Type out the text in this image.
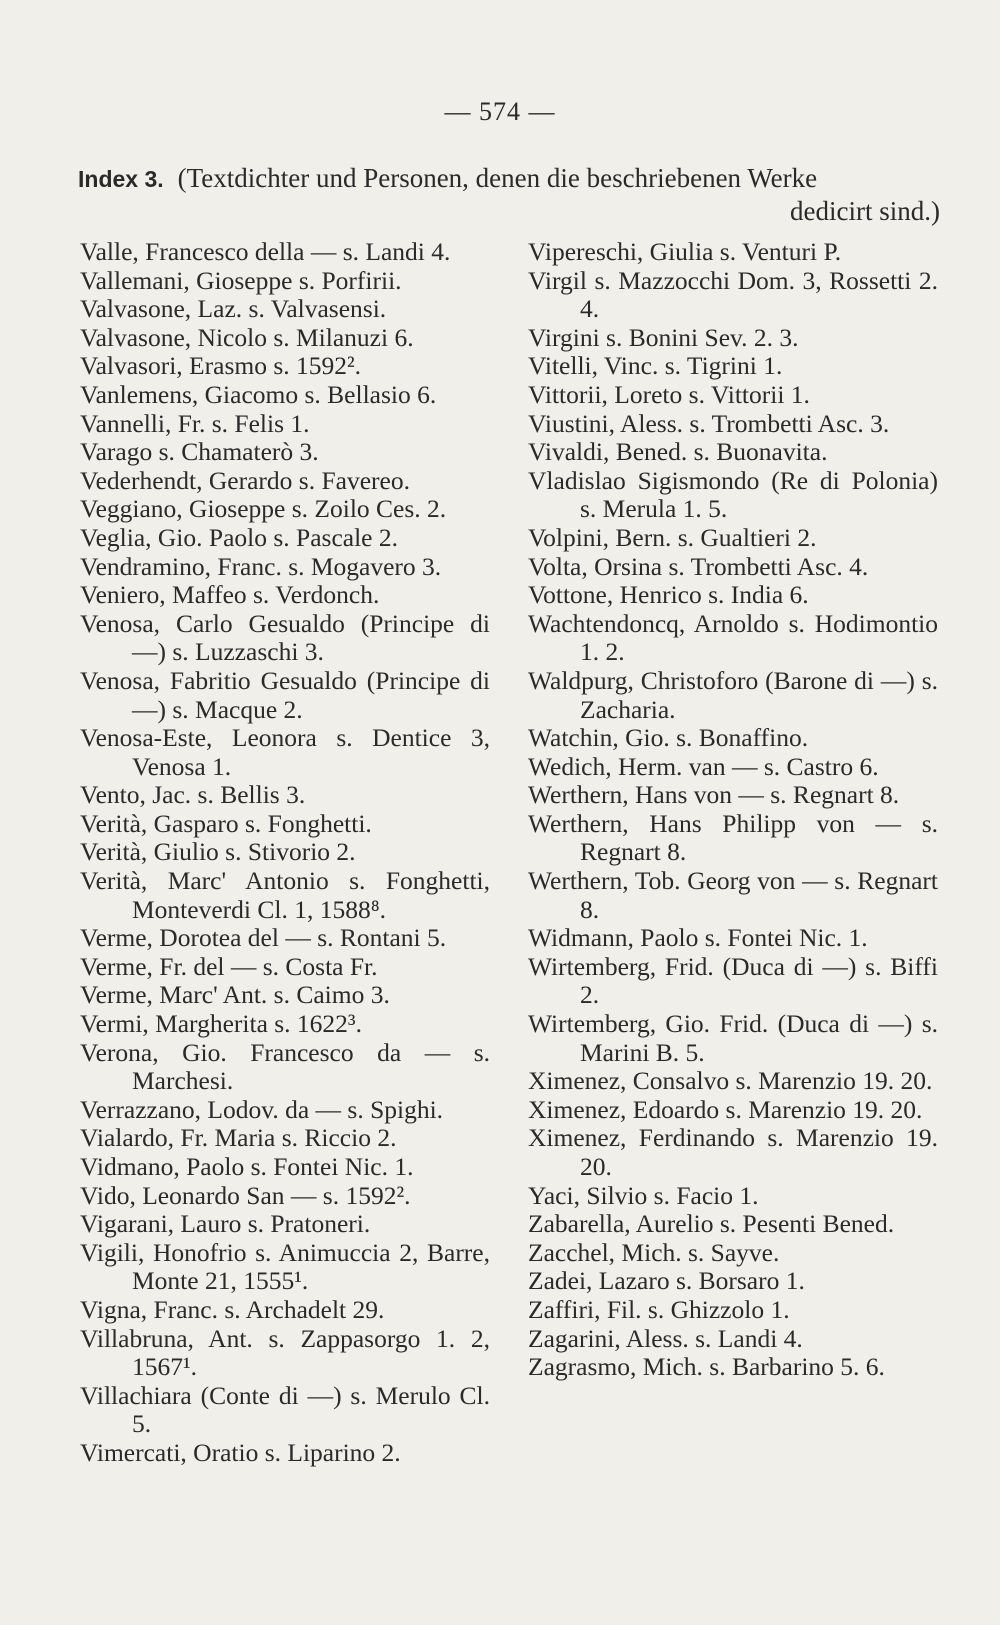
— 574 —
Index 3. (Textdichter und Personen, denen die beschriebenen Werke
dedicirt sind.)
Valle, Francesco della — s. Landi 4.
Vallemani, Gioseppe s. Porfirii.
Valvasone, Laz. s. Valvasensi.
Valvasone, Nicolo s. Milanuzi 6.
Valvasori, Erasmo s. 1592².
Vanlemens, Giacomo s. Bellasio 6.
Vannelli, Fr. s. Felis 1.
Varago s. Chamaterò 3.
Vederhendt, Gerardo s. Favereo.
Veggiano, Gioseppe s. Zoilo Ces. 2.
Veglia, Gio. Paolo s. Pascale 2.
Vendramino, Franc. s. Mogavero 3.
Veniero, Maffeo s. Verdonch.
Venosa, Carlo Gesualdo (Principe di —) s. Luzzaschi 3.
Venosa, Fabritio Gesualdo (Principe di —) s. Macque 2.
Venosa-Este, Leonora s. Dentice 3, Venosa 1.
Vento, Jac. s. Bellis 3.
Verità, Gasparo s. Fonghetti.
Verità, Giulio s. Stivorio 2.
Verità, Marc' Antonio s. Fonghetti, Monteverdi Cl. 1, 1588⁸.
Verme, Dorotea del — s. Rontani 5.
Verme, Fr. del — s. Costa Fr.
Verme, Marc' Ant. s. Caimo 3.
Vermi, Margherita s. 1622³.
Verona, Gio. Francesco da — s. Marchesi.
Verrazzano, Lodov. da — s. Spighi.
Vialardo, Fr. Maria s. Riccio 2.
Vidmano, Paolo s. Fontei Nic. 1.
Vido, Leonardo San — s. 1592².
Vigarani, Lauro s. Pratoneri.
Vigili, Honofrio s. Animuccia 2, Barre, Monte 21, 1555¹.
Vigna, Franc. s. Archadelt 29.
Villabruna, Ant. s. Zappasorgo 1. 2, 1567¹.
Villachiara (Conte di —) s. Merulo Cl. 5.
Vimercati, Oratio s. Liparino 2.
Vipereschi, Giulia s. Venturi P.
Virgil s. Mazzocchi Dom. 3, Rossetti 2. 4.
Virgini s. Bonini Sev. 2. 3.
Vitelli, Vinc. s. Tigrini 1.
Vittorii, Loreto s. Vittorii 1.
Viustini, Aless. s. Trombetti Asc. 3.
Vivaldi, Bened. s. Buonavita.
Vladislao Sigismondo (Re di Polonia) s. Merula 1. 5.
Volpini, Bern. s. Gualtieri 2.
Volta, Orsina s. Trombetti Asc. 4.
Vottone, Henrico s. India 6.
Wachtendoncq, Arnoldo s. Hodimontio 1. 2.
Waldpurg, Christoforo (Barone di —) s. Zacharia.
Watchin, Gio. s. Bonaffino.
Wedich, Herm. van — s. Castro 6.
Werthern, Hans von — s. Regnart 8.
Werthern, Hans Philipp von — s. Regnart 8.
Werthern, Tob. Georg von — s. Regnart 8.
Widmann, Paolo s. Fontei Nic. 1.
Wirtemberg, Frid. (Duca di —) s. Biffi 2.
Wirtemberg, Gio. Frid. (Duca di —) s. Marini B. 5.
Ximenez, Consalvo s. Marenzio 19. 20.
Ximenez, Edoardo s. Marenzio 19. 20.
Ximenez, Ferdinando s. Marenzio 19. 20.
Yaci, Silvio s. Facio 1.
Zabarella, Aurelio s. Pesenti Bened.
Zacchel, Mich. s. Sayve.
Zadei, Lazaro s. Borsaro 1.
Zaffiri, Fil. s. Ghizzolo 1.
Zagarini, Aless. s. Landi 4.
Zagrasmo, Mich. s. Barbarino 5. 6.
